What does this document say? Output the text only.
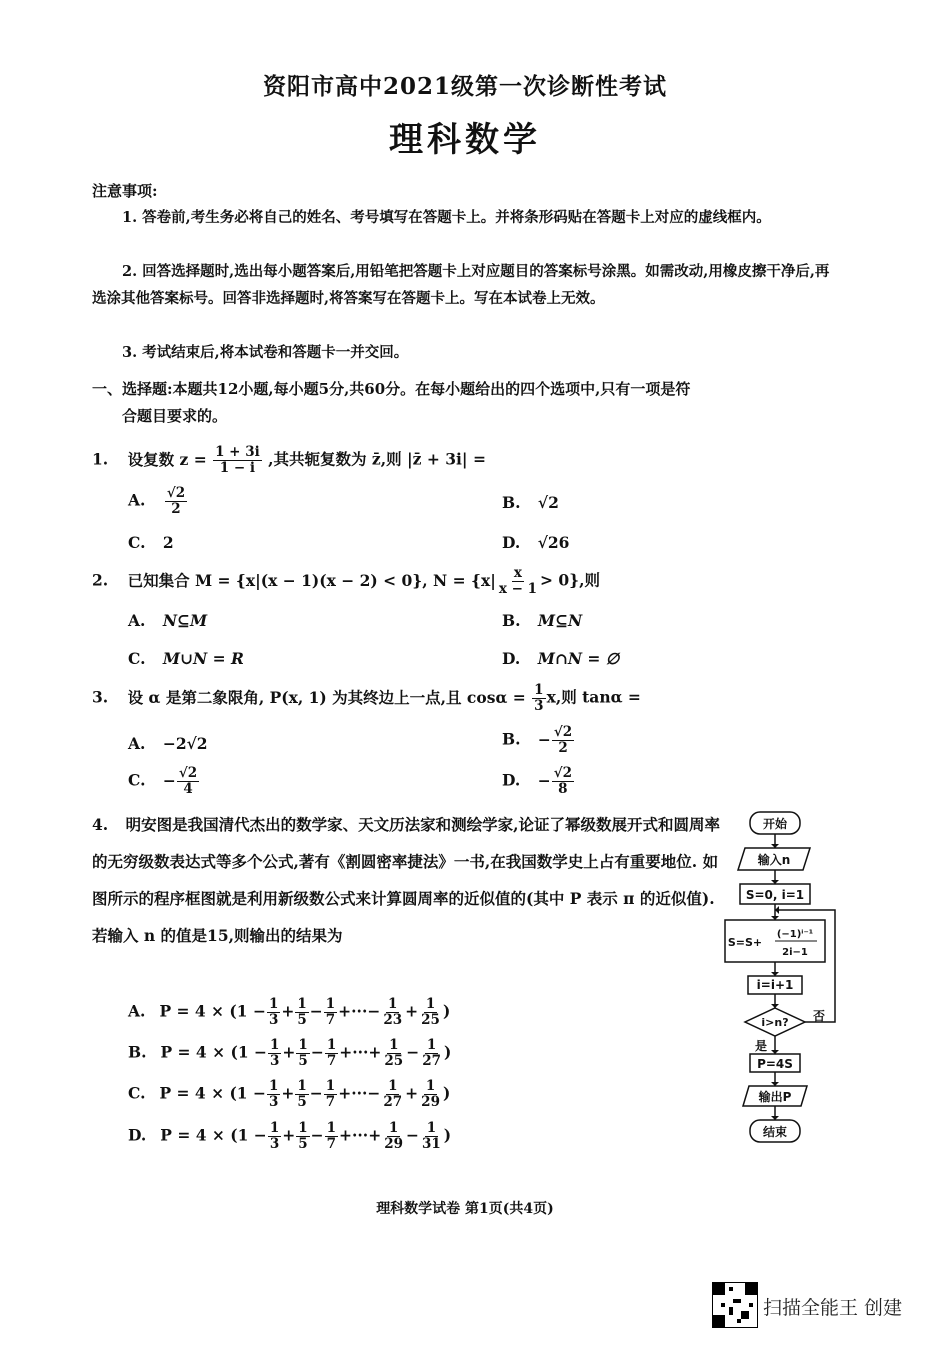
资阳市高中2021级第一次诊断性考试
理科数学
注意事项:
1. 答卷前,考生务必将自己的姓名、考号填写在答题卡上。并将条形码贴在答题卡上对应的虚线框内。
2. 回答选择题时,选出每小题答案后,用铅笔把答题卡上对应题目的答案标号涂黑。如需改动,用橡皮擦干净后,再选涂其他答案标号。回答非选择题时,将答案写在答题卡上。写在本试卷上无效。
3. 考试结束后,将本试卷和答题卡一并交回。
一、选择题:本题共12小题,每小题5分,共60分。在每小题给出的四个选项中,只有一项是符
合题目要求的。
1. 设复数 $z = \frac{1 + 3i}{1 - i}$ ,其共轭复数为 z̄,则 |z̄ + 3i| =
A. $\frac{√2}{2}$	B. √2
C. 2	D. √26
2. 已知集合 M = {x|(x − 1)(x − 2) < 0}, $N = \{x| \frac{x}{x - 1} > 0\}$,则
A. N⊆M	B. M⊆N
C. M∪N = R	D. M∩N = ∅
3. 设 α 是第二象限角, P(x, 1) 为其终边上一点,且 $\cos\alpha = \frac{1}{3} x$,则 tanα =
A. −2√2	B. − $\frac{√2}{2}$
C. − $\frac{√2}{4}$	D. − $\frac{√2}{8}$
4. 明安图是我国清代杰出的数学家、天文历法家和测绘学家,论证了幂级数展开式和圆周率的无穷级数表达式等多个公式,著有《割圆密率捷法》一书,在我国数学史上占有重要地位. 如图所示的程序框图就是利用新级数公式来计算圆周率的近似值的(其中 P 表示 π 的近似值). 若输入 n 的值是15,则输出的结果为
A. $P = 4 \times (1 - \frac{1}{3} + \frac{1}{5} - \frac{1}{7}$ +···− $\frac{1}{23} + \frac{1}{25}$ )
B. $P = 4 \times (1 - \frac{1}{3} + \frac{1}{5} - \frac{1}{7}$ +···+ $\frac{1}{25} - \frac{1}{27}$ )
C. $P = 4 \times (1 - \frac{1}{3} + \frac{1}{5} - \frac{1}{7}$ +···− $\frac{1}{27} + \frac{1}{29}$ )
D. $P = 4 \times (1 - \frac{1}{3} + \frac{1}{5} - \frac{1}{7}$ +···+ $\frac{1}{29} - \frac{1}{31}$ )
开始
输入n
S=0, i=1
S=S+
(−1)ⁱ⁻¹
2i−1
i=i+1
i>n? 否
是
P=4S
输出P
结束
理科数学试卷 第1页(共4页)
扫描全能王 创建
